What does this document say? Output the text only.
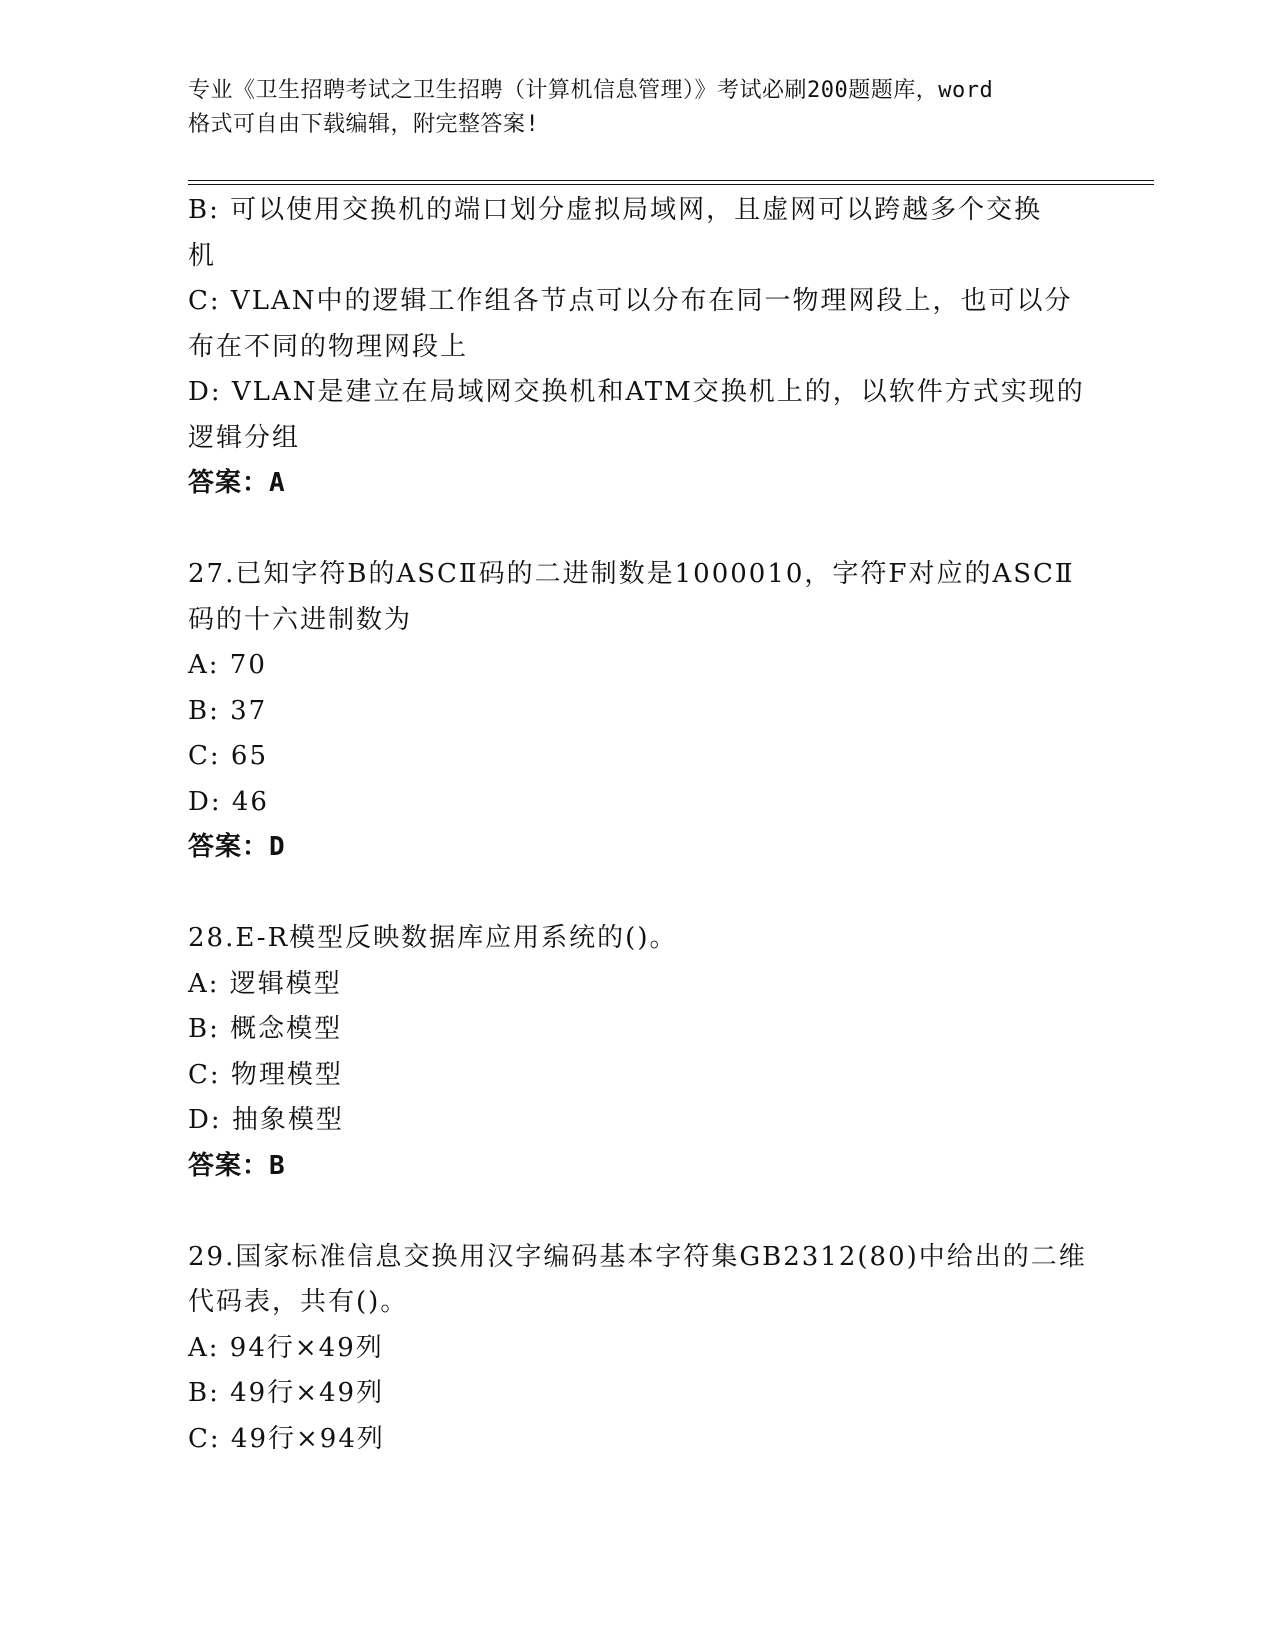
专业《卫生招聘考试之卫生招聘（计算机信息管理）》考试必刷200题题库，word
格式可自由下载编辑，附完整答案!
B: 可以使用交换机的端口划分虚拟局域网，且虚网可以跨越多个交换
机
C: VLAN中的逻辑工作组各节点可以分布在同一物理网段上，也可以分
布在不同的物理网段上
D: VLAN是建立在局域网交换机和ATM交换机上的，以软件方式实现的
逻辑分组
答案：A
27.已知字符B的ASCⅡ码的二进制数是1000010，字符F对应的ASCⅡ
码的十六进制数为
A: 70
B: 37
C: 65
D: 46
答案：D
28.E-R模型反映数据库应用系统的()。
A: 逻辑模型
B: 概念模型
C: 物理模型
D: 抽象模型
答案：B
29.国家标准信息交换用汉字编码基本字符集GB2312(80)中给出的二维
代码表，共有()。
A: 94行×49列
B: 49行×49列
C: 49行×94列
